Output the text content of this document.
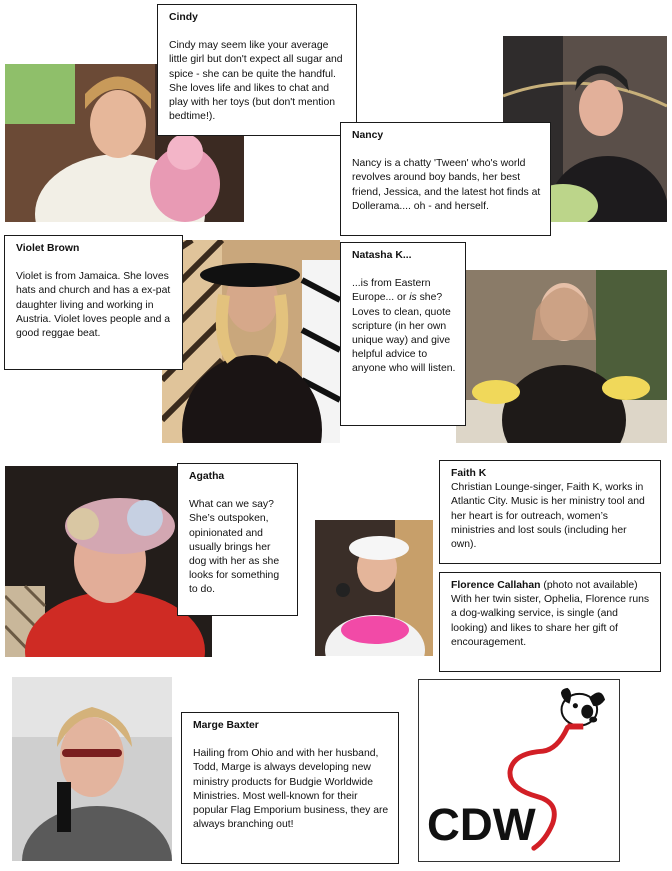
Cindy
Cindy may seem like your average little girl but don't expect all sugar and spice - she can be quite the handful. She loves life and likes to chat and play with her toys (but don't mention bedtime!).
Nancy
Nancy is a chatty 'Tween' who's world revolves around boy bands, her best friend, Jessica, and the latest hot finds at Dollerama.... oh - and herself.
Violet Brown
Violet is from Jamaica. She loves hats and church and has a ex-pat daughter living and working in Austria. Violet loves people and a good reggae beat.
Natasha K...
...is from Eastern Europe... or is she? Loves to clean, quote scripture (in her own unique way) and give helpful advice to anyone who will listen.
Agatha
What can we say? She’s outspoken, opinionated and usually brings her dog with her as she looks for something to do.
Faith K
Christian Lounge-singer, Faith K, works in Atlantic City. Music is her ministry tool and her heart is for outreach, women’s ministries and lost souls (including her own).
Florence Callahan (photo not available)
With her twin sister, Ophelia, Florence runs a dog-walking service, is single (and looking) and likes to share her gift of encouragement.
Marge Baxter
Hailing from Ohio and with her husband, Todd, Marge is always developing new ministry products for Budgie Worldwide Ministries. Most well-known for their popular Flag Emporium business, they are always branching out!	CDW
